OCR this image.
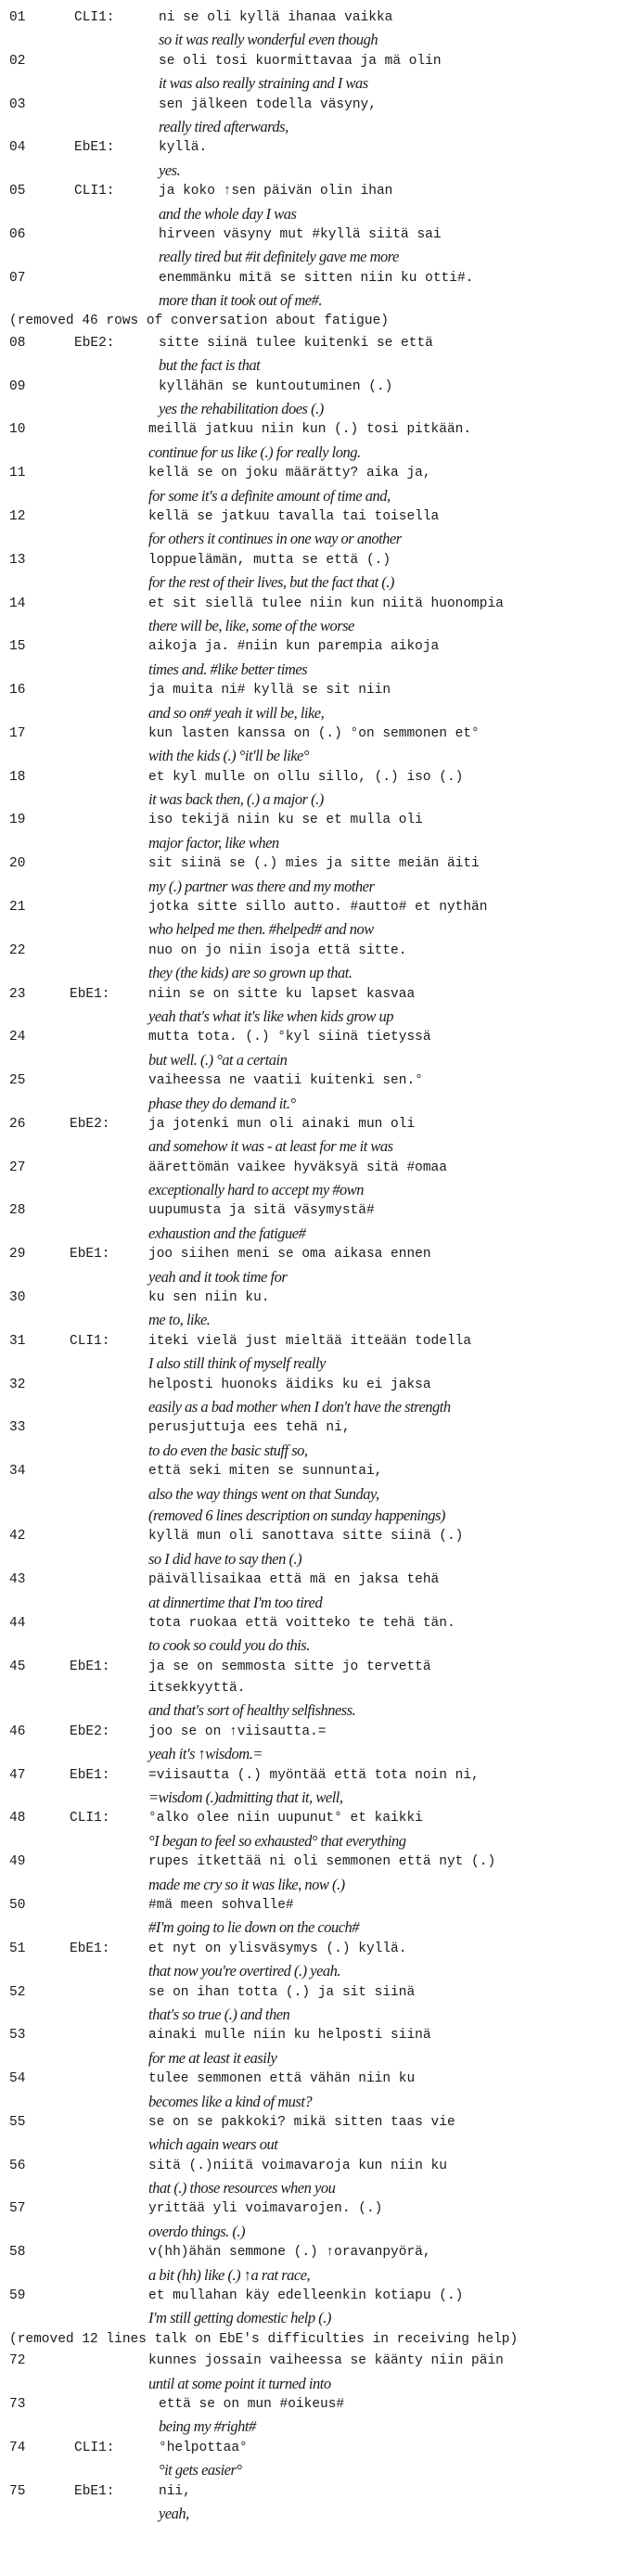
01	CLI1:	ni se oli kyllä ihanaa vaikka
so it was really wonderful even though
02	se oli tosi kuormittavaa ja mä olin
it was also really straining and I was
03	sen jälkeen todella väsyny,
really tired afterwards,
04	EbE1:	kyllä.
yes.
05	CLI1:	ja koko ↑sen päivän olin ihan
and the whole day I was
06	hirveen väsyny mut #kyllä siitä sai
really tired but #it definitely gave me more
07	enemmänku mitä se sitten niin ku otti#.
more than it took out of me#.
(removed 46 rows of conversation about fatigue)
08	EbE2:	sitte siinä tulee kuitenki se että
but the fact is that
09	kyllähän se kuntoutuminen (.)
yes the rehabilitation does (.)
10	meillä jatkuu niin kun (.) tosi pitkään.
continue for us like (.) for really long.
11	kellä se on joku määrätty? aika ja,
for some it's a definite amount of time and,
12	kellä se jatkuu tavalla tai toisella
for others it continues in one way or another
13	loppuelämän, mutta se että (.)
for the rest of their lives, but the fact that (.)
14	et sit siellä tulee niin kun niitä huonompia
there will be, like, some of the worse
15	aikoja ja. #niin kun parempia aikoja
times and. #like better times
16	ja muita ni# kyllä se sit niin
and so on# yeah it will be, like,
17	kun lasten kanssa on (.) °on semmonen et°
with the kids (.) °it'll be like°
18	et kyl mulle on ollu sillo, (.) iso (.)
it was back then, (.) a major (.)
19	iso tekijä niin ku se et mulla oli
major factor, like when
20	sit siinä se (.) mies ja sitte meiän äiti
my (.) partner was there and my mother
21	jotka sitte sillo autto. #autto# et nythän
who helped me then. #helped# and now
22	nuo on jo niin isoja että sitte.
they (the kids) are so grown up that.
23	EbE1:	niin se on sitte ku lapset kasvaa
yeah that's what it's like when kids grow up
24	mutta tota. (.) °kyl siinä tietyssä
but well. (.) °at a certain
25	vaiheessa ne vaatii kuitenki sen.°
phase they do demand it.°
26	EbE2:	ja jotenki mun oli ainaki mun oli
and somehow it was - at least for me it was
27	äärettömän vaikee hyväksyä sitä #omaa
exceptionally hard to accept my #own
28	uupumusta ja sitä väsymystä#
exhaustion and the fatigue#
29	EbE1:	joo siihen meni se oma aikasa ennen
yeah and it took time for
30	ku sen niin ku.
me to, like.
31	CLI1:	iteki vielä just mieltää itteään todella
I also still think of myself really
32	helposti huonoks äidiks ku ei jaksa
easily as a bad mother when I don't have the strength
33	perusjuttuja ees tehä ni,
to do even the basic stuff so,
34	että seki miten se sunnuntai,
also the way things went on that Sunday,
(removed 6 lines description on sunday happenings)
42	kyllä mun oli sanottava sitte siinä (.)
so I did have to say then (.)
43	päivällisaikaa että mä en jaksa tehä
at dinnertime that I'm too tired
44	tota ruokaa että voitteko te tehä tän.
to cook so could you do this.
45	EbE1:	ja se on semmosta sitte jo tervettä
itsekkyyttä.
and that's sort of healthy selfishness.
46	EbE2:	joo se on ↑viisautta.=
yeah it's ↑wisdom.=
47	EbE1:	=viisautta (.) myöntää että tota noin ni,
=wisdom (.)admitting that it, well,
48	CLI1:	°alko olee niin uupunut° et kaikki
°I began to feel so exhausted° that everything
49	rupes itkettää ni oli semmonen että nyt (.)
made me cry so it was like, now (.)
50	#mä meen sohvalle#
#I'm going to lie down on the couch#
51	EbE1:	et nyt on ylisväsymys (.) kyllä.
that now you're overtired (.) yeah.
52	se on ihan totta (.) ja sit siinä
that's so true (.) and then
53	ainaki mulle niin ku helposti siinä
for me at least it easily
54	tulee semmonen että vähän niin ku
becomes like a kind of must?
55	se on se pakkoki? mikä sitten taas vie
which again wears out
56	sitä (.)niitä voimavaroja kun niin ku
that (.) those resources when you
57	yrittää yli voimavarojen. (.)
overdo things. (.)
58	v(hh)ähän semmone (.) ↑oravanpyörä,
a bit (hh) like (.) ↑a rat race,
59	et mullahan käy edelleenkin kotiapu (.)
I'm still getting domestic help (.)
(removed 12 lines talk on EbE's difficulties in receiving help)
72	kunnes jossain vaiheessa se käänty niin päin
until at some point it turned into
73	että se on mun #oikeus#
being my #right#
74	CLI1:	°helpottaa°
°it gets easier°
75	EbE1:	nii,
yeah,
